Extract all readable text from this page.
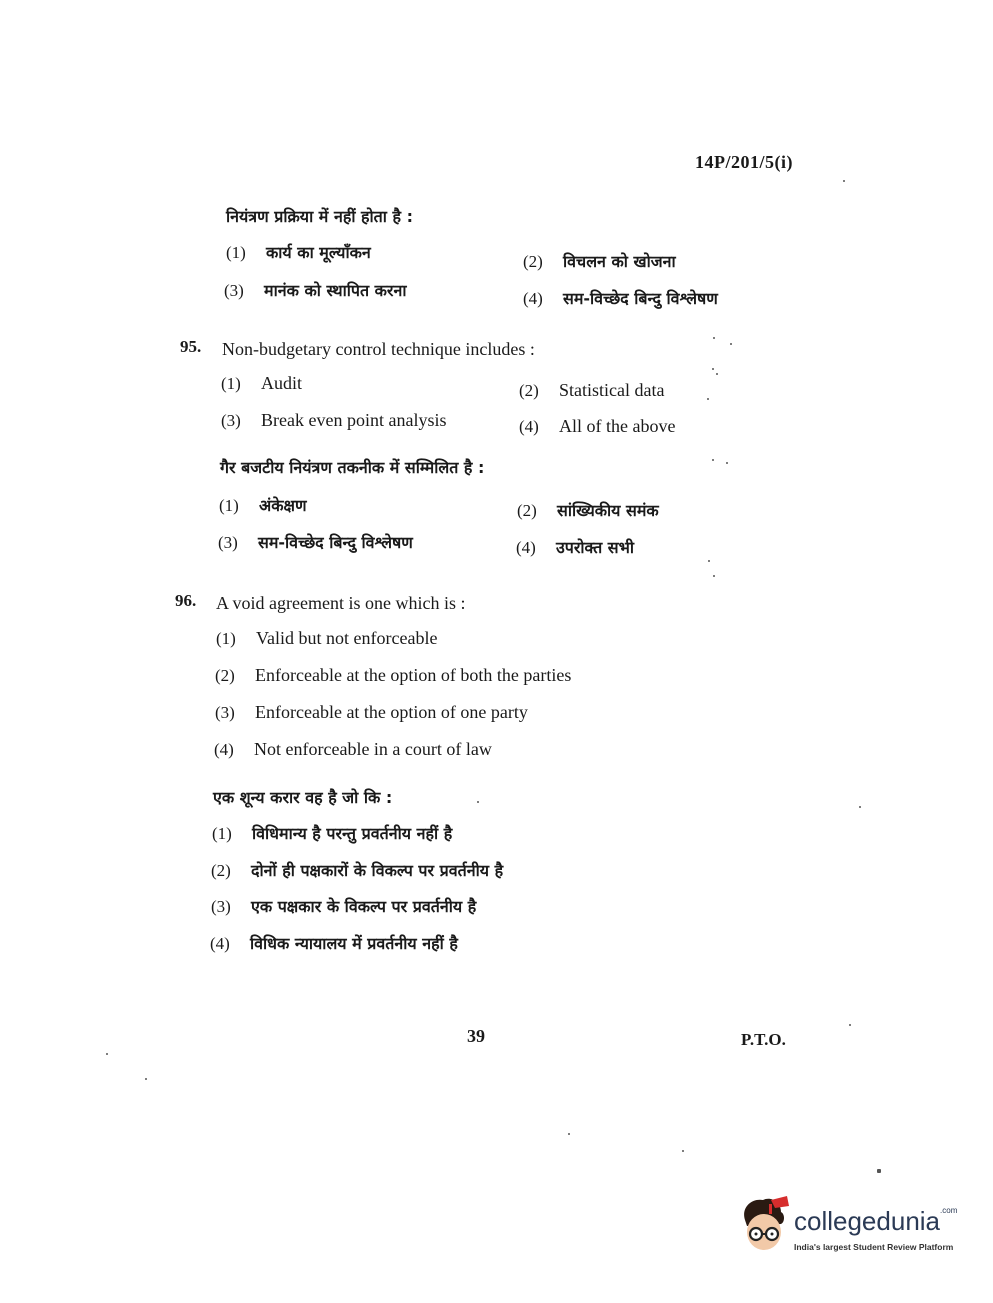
14P/201/5(i)
नियंत्रण प्रक्रिया में नहीं होता है :
(1) कार्य का मूल्यॉंकन	(2) विचलन को खोजना
(3) मानंक को स्थापित करना	(4) सम-विच्छेद बिन्दु विश्लेषण
95. Non-budgetary control technique includes :
(1) Audit	(2) Statistical data
(3) Break even point analysis	(4) All of the above
गैर बजटीय नियंत्रण तकनीक में सम्मिलित है :
(1) अंकेक्षण	(2) सांख्यिकीय समंक
(3) सम-विच्छेद बिन्दु विश्लेषण	(4) उपरोक्त सभी
96. A void agreement is one which is :
(1) Valid but not enforceable
(2) Enforceable at the option of both the parties
(3) Enforceable at the option of one party
(4) Not enforceable in a court of law
एक शून्य करार वह है जो कि :
(1) विधिमान्य है परन्तु प्रवर्तनीय नहीं है
(2) दोनों ही पक्षकारों के विकल्प पर प्रवर्तनीय है
(3) एक पक्षकार के विकल्प पर प्रवर्तनीय है
(4) विधिक न्यायालय में प्रवर्तनीय नहीं है
39	P.T.O.
collegedunia$^{.com}$
India's largest Student Review Platform
